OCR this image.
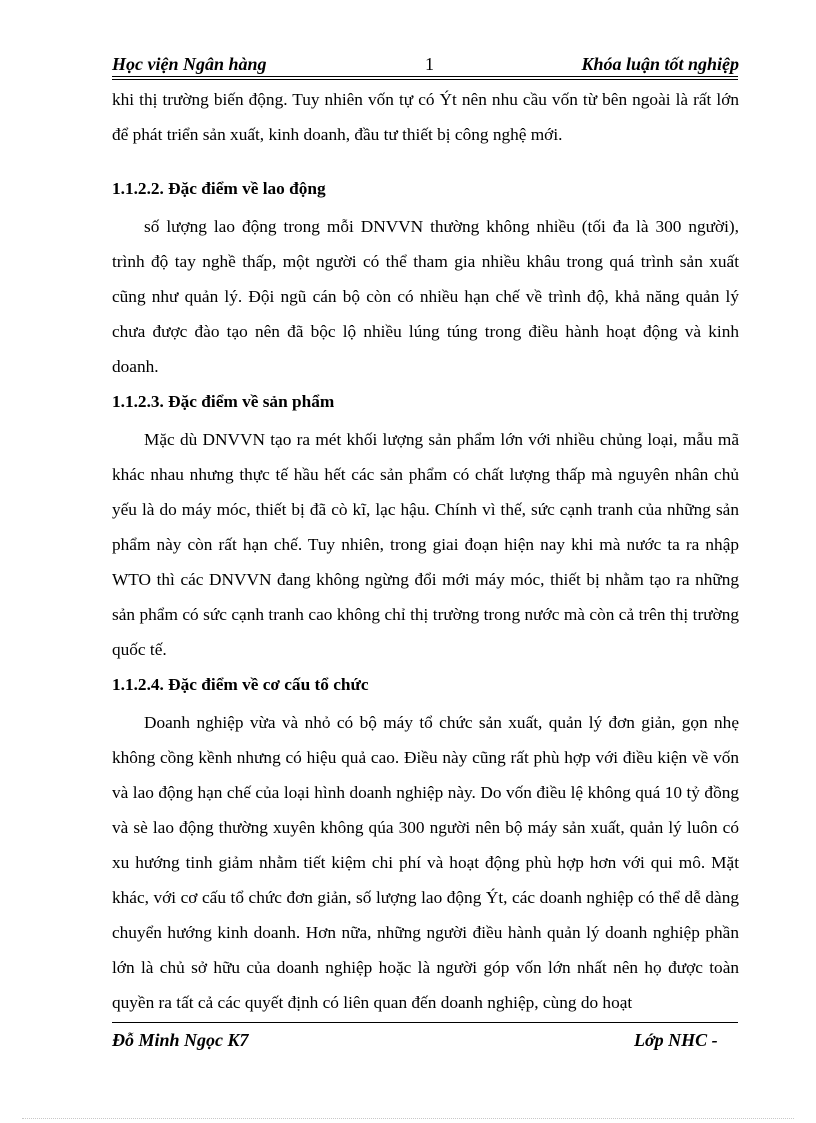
Học viện Ngân hàng	1	Khóa luận tốt nghiệp

khi thị trường biến động. Tuy nhiên vốn tự có Ýt nên nhu cầu vốn từ bên ngoài là rất lớn để phát triển sản xuất, kinh doanh, đầu tư thiết bị công nghệ mới.

1.1.2.2. Đặc điểm về lao động

số lượng lao động trong mỗi DNVVN thường không nhiều (tối đa là 300 người), trình độ tay nghề thấp, một người có thể tham gia nhiều khâu trong quá trình sản xuất cũng như quản lý. Đội ngũ cán bộ còn có nhiều hạn chế về trình độ, khả năng quản lý chưa được đào tạo nên đã bộc lộ nhiều lúng túng trong điều hành hoạt động và kinh doanh.

1.1.2.3. Đặc điểm về sản phẩm

Mặc dù DNVVN tạo ra mét khối lượng sản phẩm lớn với nhiều chủng loại, mẫu mã khác nhau nhưng thực tế hầu hết các sản phẩm có chất lượng thấp mà nguyên nhân chủ yếu là do máy móc, thiết bị đã cò kĩ, lạc hậu. Chính vì thế, sức cạnh tranh của những sản phẩm này còn rất hạn chế. Tuy nhiên, trong giai đoạn hiện nay khi mà nước ta ra nhập WTO thì các DNVVN đang không ngừng đổi mới máy móc, thiết bị nhằm tạo ra những sản phẩm có sức cạnh tranh cao không chỉ thị trường trong nước mà còn cả trên thị trường quốc tế.

1.1.2.4. Đặc điểm về cơ cấu tổ chức

Doanh nghiệp vừa và nhỏ có bộ máy tổ chức sản xuất, quản lý đơn giản, gọn nhẹ không cồng kềnh nhưng có hiệu quả cao. Điều này cũng rất phù hợp với điều kiện về vốn và lao động hạn chế của loại hình doanh nghiệp này. Do vốn điều lệ không quá 10 tỷ đồng và sè lao động thường xuyên không qúa 300 người nên bộ máy sản xuất, quản lý luôn có xu hướng tinh giảm nhằm tiết kiệm chi phí và hoạt động phù hợp hơn với qui mô. Mặt khác, với cơ cấu tổ chức đơn giản, số lượng lao động Ýt, các doanh nghiệp có thể dễ dàng chuyển hướng kinh doanh. Hơn nữa, những người điều hành quản lý doanh nghiệp phần lớn là chủ sở hữu của doanh nghiệp hoặc là người góp vốn lớn nhất nên họ được toàn quyền ra tất cả các quyết định có liên quan đến doanh nghiệp, cùng do hoạt

Đỗ Minh Ngọc K7	Lớp NHC -
